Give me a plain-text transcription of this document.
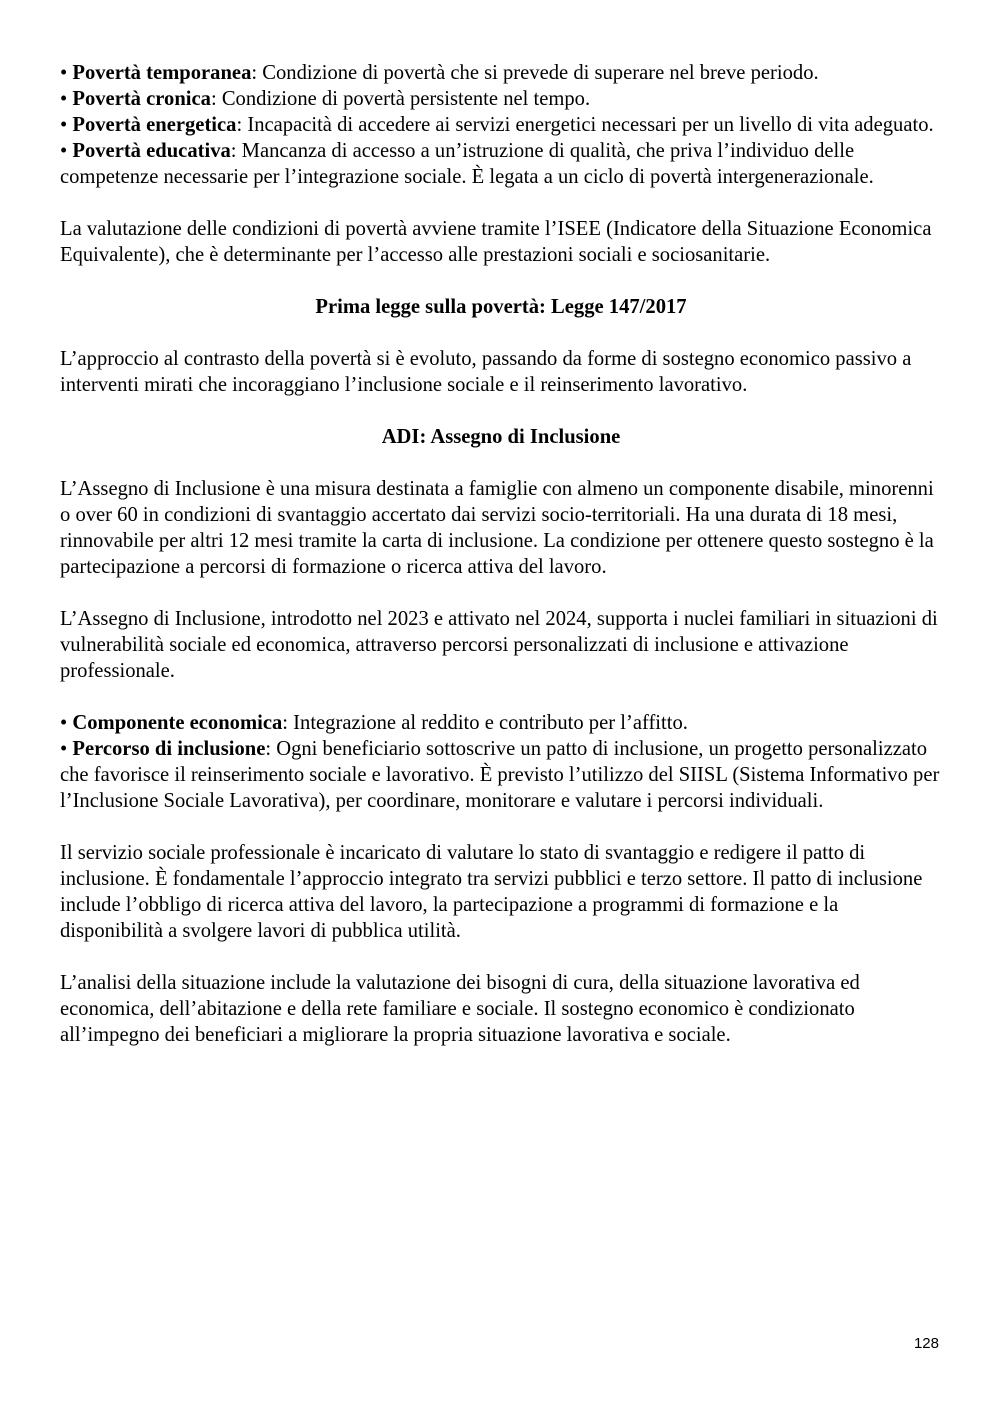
• Povertà temporanea: Condizione di povertà che si prevede di superare nel breve periodo.

• Povertà cronica: Condizione di povertà persistente nel tempo.

• Povertà energetica: Incapacità di accedere ai servizi energetici necessari per un livello di vita adeguato.

• Povertà educativa: Mancanza di accesso a un’istruzione di qualità, che priva l’individuo delle competenze necessarie per l’integrazione sociale. È legata a un ciclo di povertà intergenerazionale.

La valutazione delle condizioni di povertà avviene tramite l’ISEE (Indicatore della Situazione Economica Equivalente), che è determinante per l’accesso alle prestazioni sociali e sociosanitarie.

Prima legge sulla povertà: Legge 147/2017

L’approccio al contrasto della povertà si è evoluto, passando da forme di sostegno economico passivo a interventi mirati che incoraggiano l’inclusione sociale e il reinserimento lavorativo.

ADI: Assegno di Inclusione

L’Assegno di Inclusione è una misura destinata a famiglie con almeno un componente disabile, minorenni o over 60 in condizioni di svantaggio accertato dai servizi socio-territoriali. Ha una durata di 18 mesi, rinnovabile per altri 12 mesi tramite la carta di inclusione. La condizione per ottenere questo sostegno è la partecipazione a percorsi di formazione o ricerca attiva del lavoro.

L’Assegno di Inclusione, introdotto nel 2023 e attivato nel 2024, supporta i nuclei familiari in situazioni di vulnerabilità sociale ed economica, attraverso percorsi personalizzati di inclusione e attivazione professionale.

• Componente economica: Integrazione al reddito e contributo per l’affitto.

• Percorso di inclusione: Ogni beneficiario sottoscrive un patto di inclusione, un progetto personalizzato che favorisce il reinserimento sociale e lavorativo. È previsto l’utilizzo del SIISL (Sistema Informativo per l’Inclusione Sociale Lavorativa), per coordinare, monitorare e valutare i percorsi individuali.

Il servizio sociale professionale è incaricato di valutare lo stato di svantaggio e redigere il patto di inclusione. È fondamentale l’approccio integrato tra servizi pubblici e terzo settore. Il patto di inclusione include l’obbligo di ricerca attiva del lavoro, la partecipazione a programmi di formazione e la disponibilità a svolgere lavori di pubblica utilità.

L’analisi della situazione include la valutazione dei bisogni di cura, della situazione lavorativa ed economica, dell’abitazione e della rete familiare e sociale. Il sostegno economico è condizionato all’impegno dei beneficiari a migliorare la propria situazione lavorativa e sociale.

128
